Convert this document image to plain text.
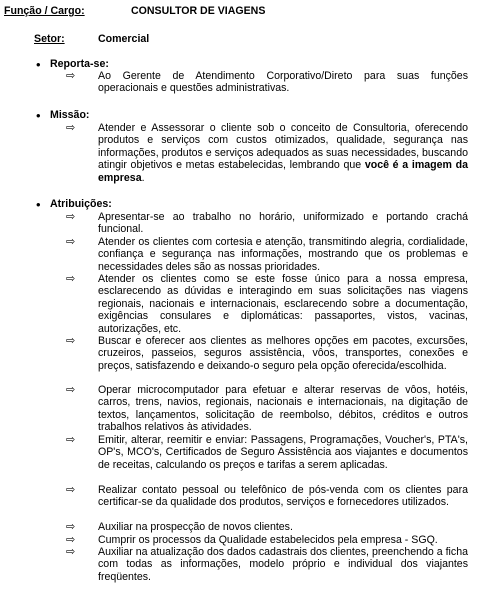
Função / Cargo:	CONSULTOR DE VIAGENS
Setor:	Comercial
• Reporta-se:
⇨	Ao Gerente de Atendimento Corporativo/Direto para suas funções operacionais e questões administrativas.
• Missão:
⇨	Atender e Assessorar o cliente sob o conceito de Consultoria, oferecendo produtos e serviços com custos otimizados, qualidade, segurança nas informações, produtos e serviços adequados as suas necessidades, buscando atingir objetivos e metas estabelecidas, lembrando que você é a imagem da empresa.
• Atribuições:
⇨	Apresentar-se ao trabalho no horário, uniformizado e portando crachá funcional.
⇨	Atender os clientes com cortesia e atenção, transmitindo alegria, cordialidade, confiança e segurança nas informações, mostrando que os problemas e necessidades deles são as nossas prioridades.
⇨	Atender os clientes como se este fosse único para a nossa empresa, esclarecendo as dúvidas e interagindo em suas solicitações nas viagens regionais, nacionais e internacionais, esclarecendo sobre a documentação, exigências consulares e diplomáticas: passaportes, vistos, vacinas, autorizações, etc.
⇨	Buscar e oferecer aos clientes as melhores opções em pacotes, excursões, cruzeiros, passeios, seguros assistência, vôos, transportes, conexões e preços, satisfazendo e deixando-o seguro pela opção oferecida/escolhida.
⇨	Operar microcomputador para efetuar e alterar reservas de vôos, hotéis, carros, trens, navios, regionais, nacionais e internacionais, na digitação de textos, lançamentos, solicitação de reembolso, débitos, créditos e outros trabalhos relativos às atividades.
⇨	Emitir, alterar, reemitir e enviar: Passagens, Programações, Voucher's, PTA's, OP's, MCO's, Certificados de Seguro Assistência aos viajantes e documentos de receitas, calculando os preços e tarifas a serem aplicadas.
⇨	Realizar contato pessoal ou telefônico de pós-venda com os clientes para certificar-se da qualidade dos produtos, serviços e fornecedores utilizados.
⇨	Auxiliar na prospecção de novos clientes.
⇨	Cumprir os processos da Qualidade estabelecidos pela empresa - SGQ.
⇨	Auxiliar na atualização dos dados cadastrais dos clientes, preenchendo a ficha com todas as informações, modelo próprio e individual dos viajantes freqüentes.
